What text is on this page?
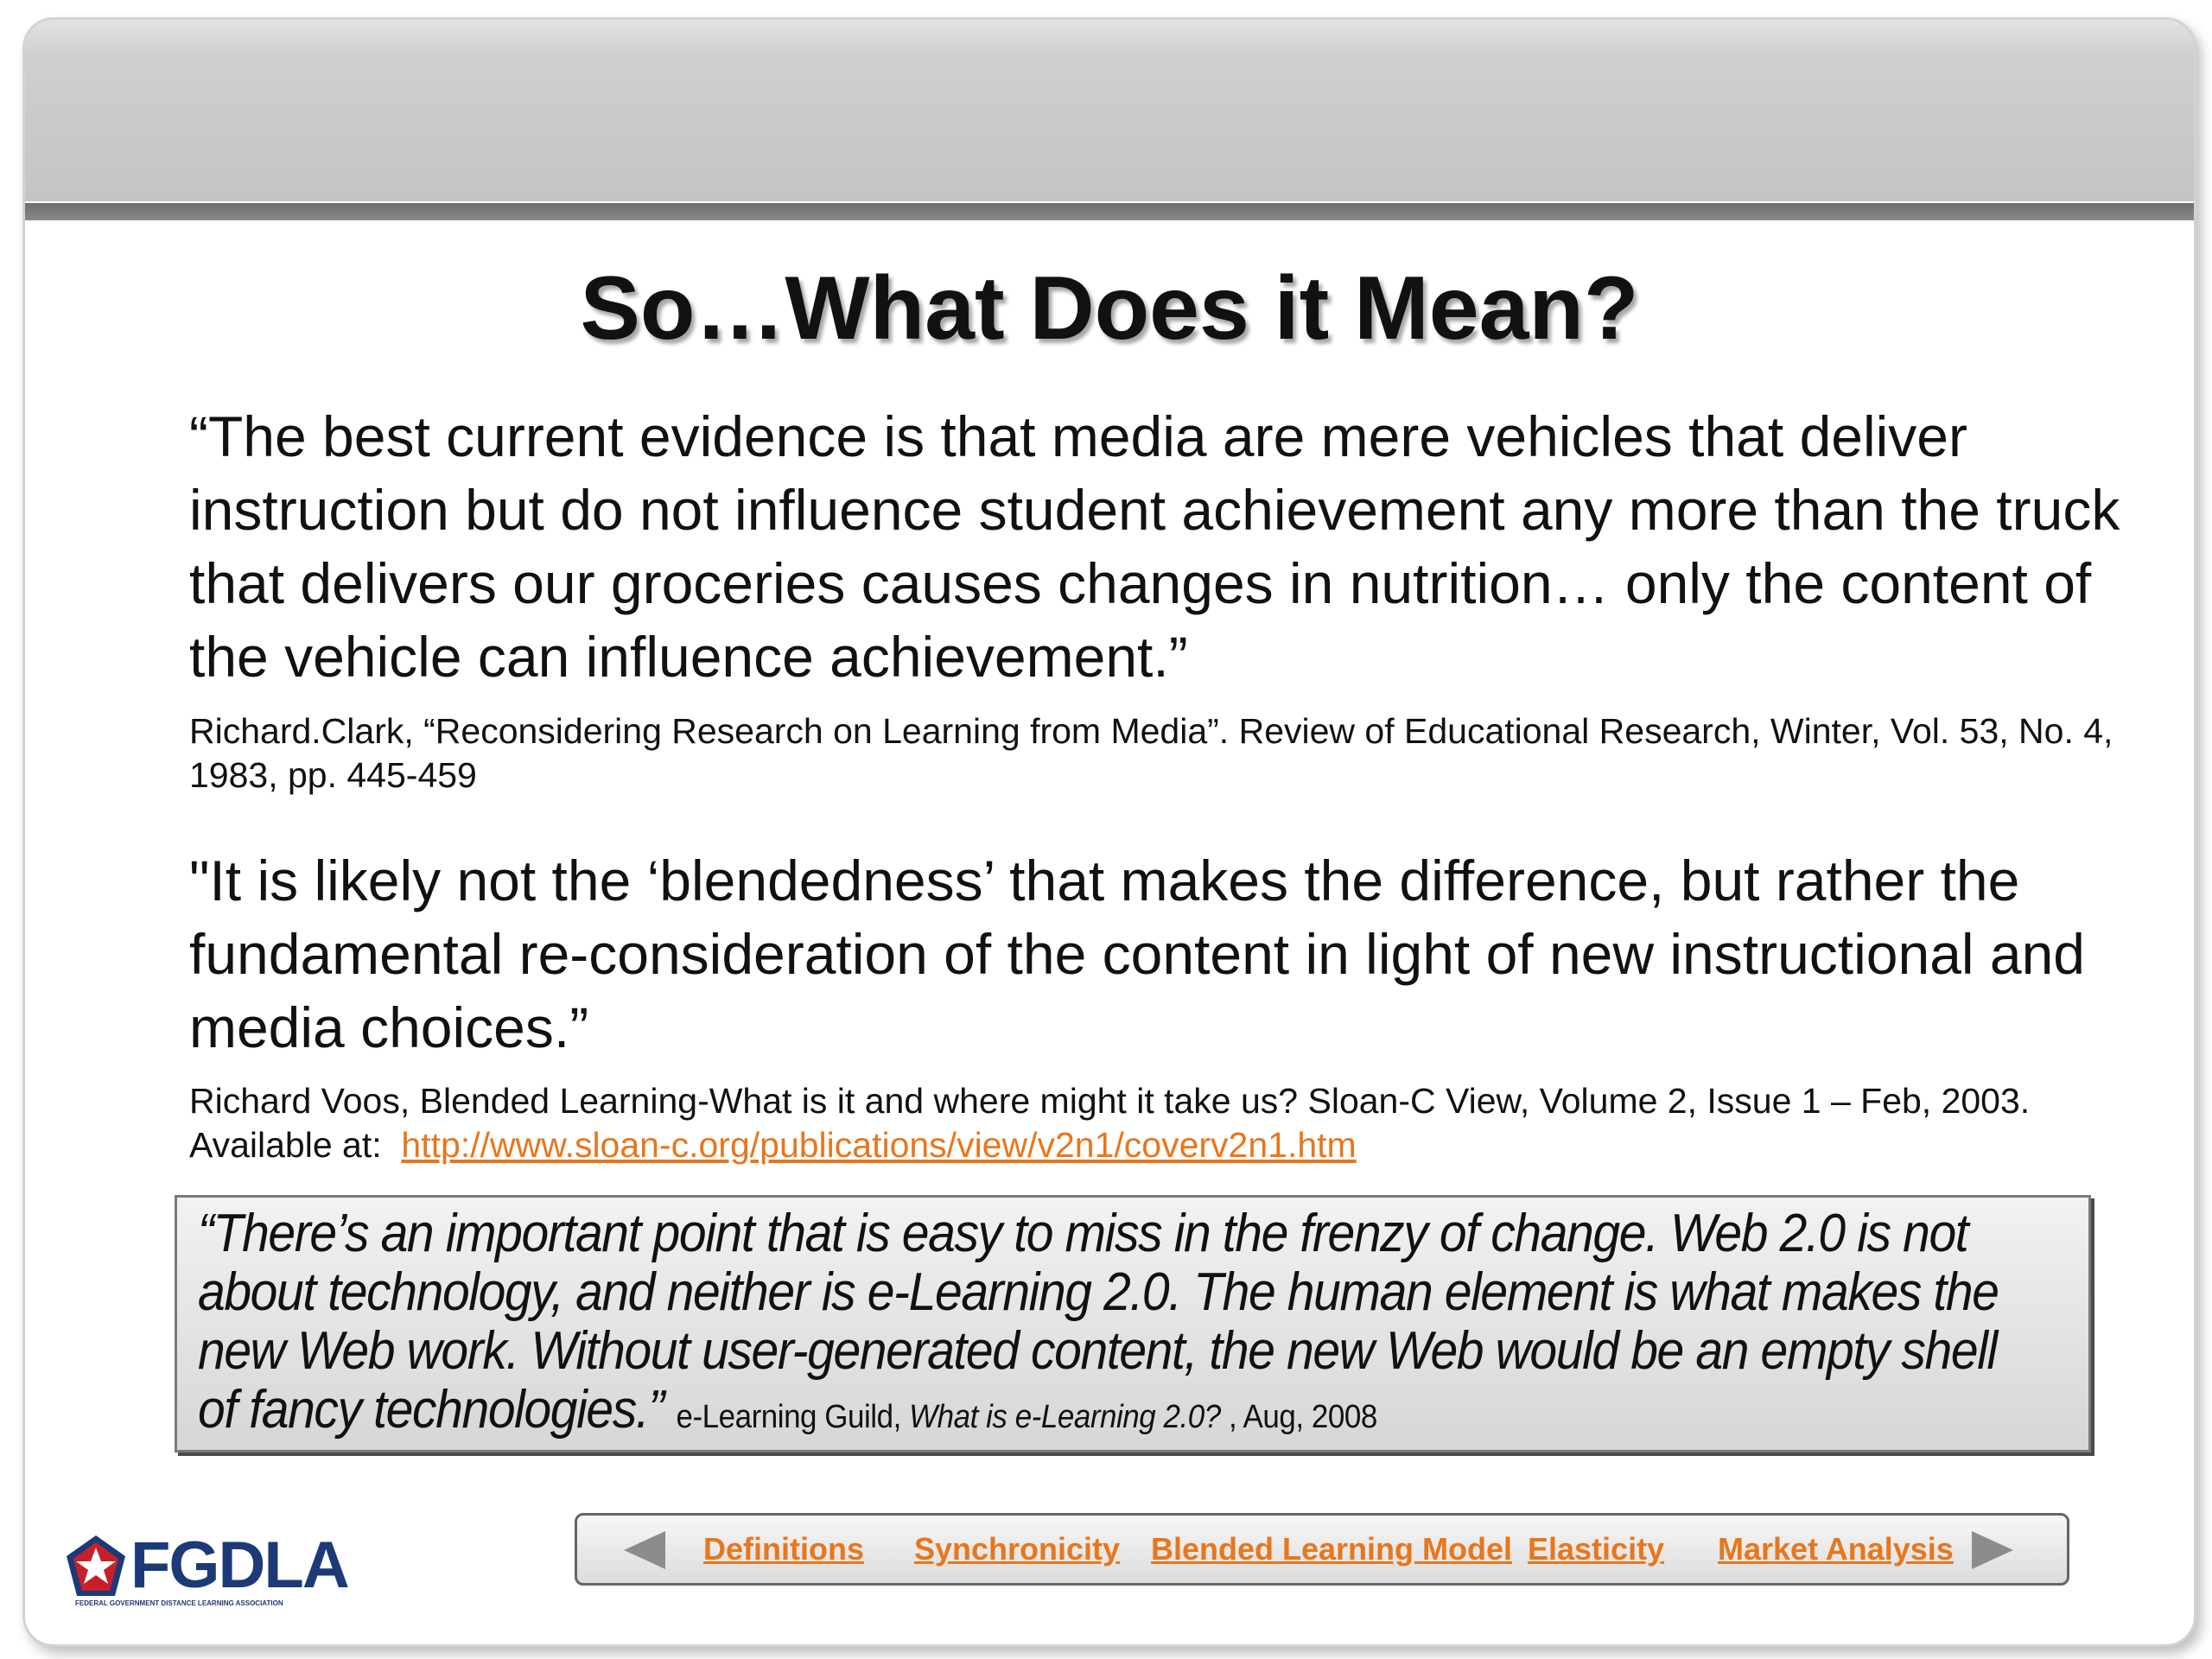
So…What Does it Mean?

“The best current evidence is that media are mere vehicles that deliver instruction but do not influence student achievement any more than the truck that delivers our groceries causes changes in nutrition… only the content of the vehicle can influence achievement.”

Richard.Clark, “Reconsidering Research on Learning from Media”. Review of Educational Research, Winter, Vol. 53, No. 4, 1983, pp. 445-459

"It is likely not the ‘blendedness’ that makes the difference, but rather the fundamental re-consideration of the content in light of new instructional and media choices.”

Richard Voos, Blended Learning-What is it and where might it take us? Sloan-C View, Volume 2, Issue 1 – Feb, 2003.
Available at: http://www.sloan-c.org/publications/view/v2n1/coverv2n1.htm

“There’s an important point that is easy to miss in the frenzy of change. Web 2.0 is not about technology, and neither is e-Learning 2.0. The human element is what makes the new Web work. Without user-generated content, the new Web would be an empty shell of fancy technologies.” e-Learning Guild, What is e-Learning 2.0? , Aug, 2008

FGDLA
FEDERAL GOVERNMENT DISTANCE LEARNING ASSOCIATION
Definitions Synchronicity Blended Learning Model Elasticity Market Analysis
